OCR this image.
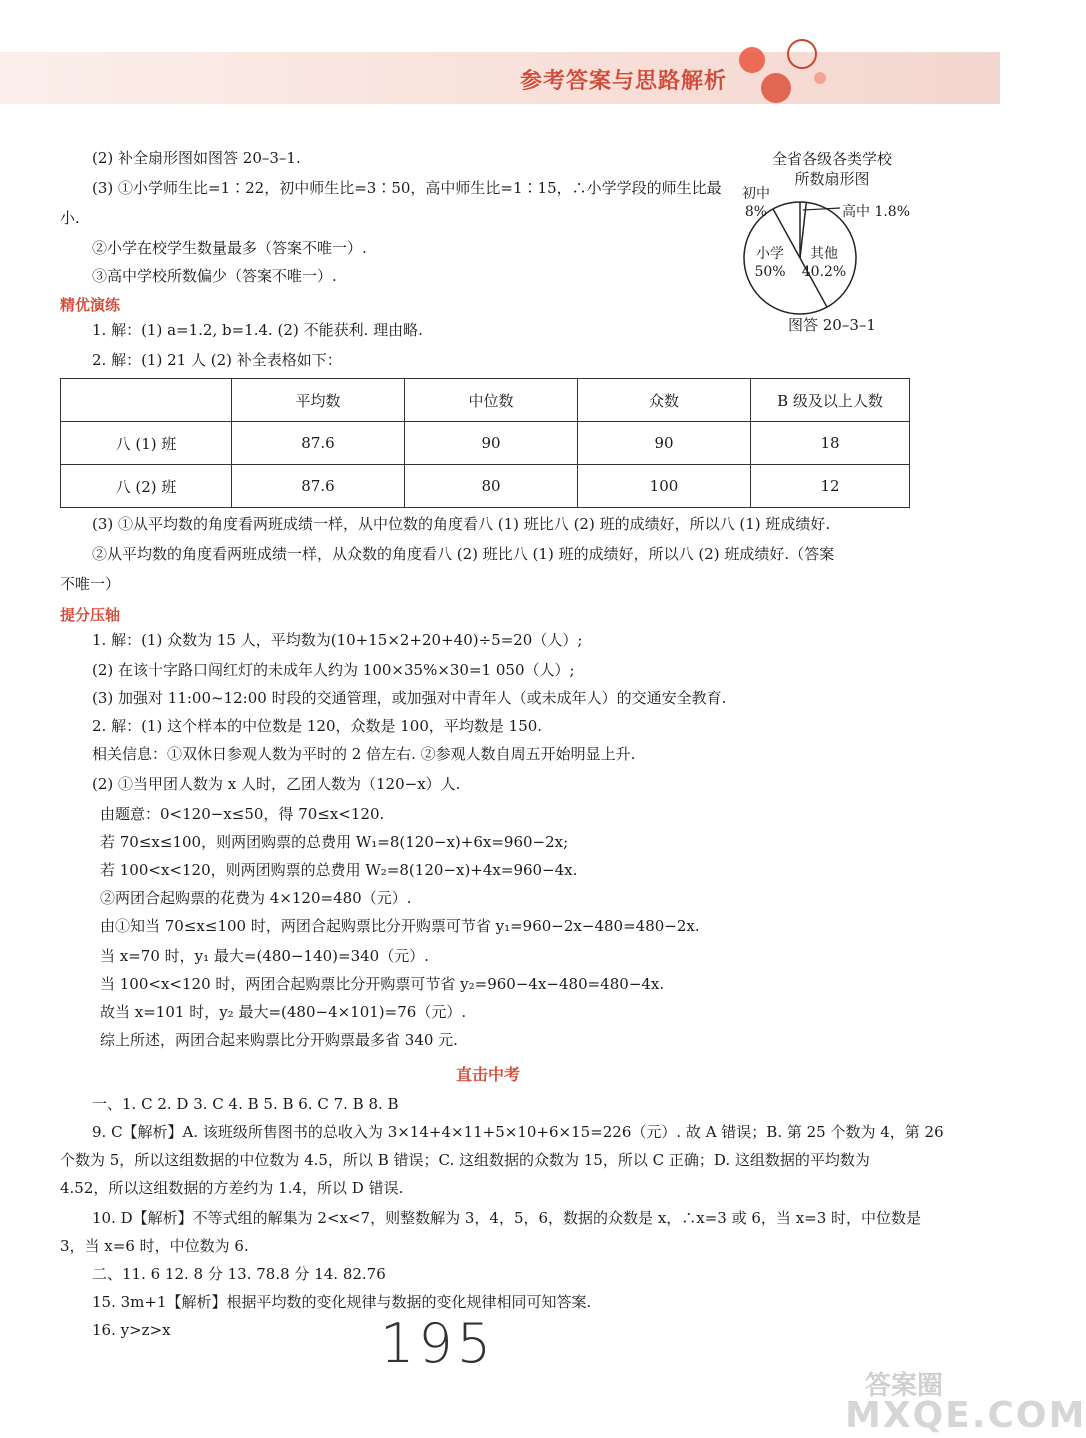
参考答案与思路解析
(2) 补全扇形图如图答 20–3–1.
(3) ①小学师生比=1∶22，初中师生比=3∶50，高中师生比=1∶15，∴小学学段的师生比最
小.
②小学在校学生数量最多（答案不唯一）.
③高中学校所数偏少（答案不唯一）.
全省各级各类学校
所数扇形图
小学
50%
其他
40.2%
初中
8%	高中 1.8%
图答 20–3–1
精优演练
1. 解：(1) a=1.2, b=1.4. (2) 不能获利. 理由略.
2. 解：(1) 21 人 (2) 补全表格如下：
	平均数	中位数	众数	B 级及以上人数
八 (1) 班	87.6	90	90	18
八 (2) 班	87.6	80	100	12
(3) ①从平均数的角度看两班成绩一样，从中位数的角度看八 (1) 班比八 (2) 班的成绩好，所以八 (1) 班成绩好.
②从平均数的角度看两班成绩一样，从众数的角度看八 (2) 班比八 (1) 班的成绩好，所以八 (2) 班成绩好.（答案
不唯一）
提分压轴
1. 解：(1) 众数为 15 人，平均数为(10+15×2+20+40)÷5=20（人）;
(2) 在该十字路口闯红灯的未成年人约为 100×35%×30=1 050（人）;
(3) 加强对 11:00~12:00 时段的交通管理，或加强对中青年人（或未成年人）的交通安全教育.
2. 解：(1) 这个样本的中位数是 120，众数是 100，平均数是 150.
相关信息：①双休日参观人数为平时的 2 倍左右. ②参观人数自周五开始明显上升.
(2) ①当甲团人数为 x 人时，乙团人数为（120−x）人.
由题意：0<120−x≤50，得 70≤x<120.
若 70≤x≤100，则两团购票的总费用 W₁=8(120−x)+6x=960−2x;
若 100<x<120，则两团购票的总费用 W₂=8(120−x)+4x=960−4x.
②两团合起购票的花费为 4×120=480（元）.
由①知当 70≤x≤100 时，两团合起购票比分开购票可节省 y₁=960−2x−480=480−2x.
当 x=70 时，y₁ 最大=(480−140)=340（元）.
当 100<x<120 时，两团合起购票比分开购票可节省 y₂=960−4x−480=480−4x.
故当 x=101 时，y₂ 最大=(480−4×101)=76（元）.
综上所述，两团合起来购票比分开购票最多省 340 元.
直击中考
一、1. C 2. D 3. C 4. B 5. B 6. C 7. B 8. B
9. C【解析】A. 该班级所售图书的总收入为 3×14+4×11+5×10+6×15=226（元）. 故 A 错误；B. 第 25 个数为 4，第 26
个数为 5，所以这组数据的中位数为 4.5，所以 B 错误；C. 这组数据的众数为 15，所以 C 正确；D. 这组数据的平均数为
4.52，所以这组数据的方差约为 1.4，所以 D 错误.
10. D【解析】不等式组的解集为 2<x<7，则整数解为 3，4，5，6，数据的众数是 x，∴x=3 或 6，当 x=3 时，中位数是
3，当 x=6 时，中位数为 6.
二、11. 6 12. 8 分 13. 78.8 分 14. 82.76
15. 3m+1【解析】根据平均数的变化规律与数据的变化规律相同可知答案.
16. y>z>x	195
答案圈
MXQE.COM
